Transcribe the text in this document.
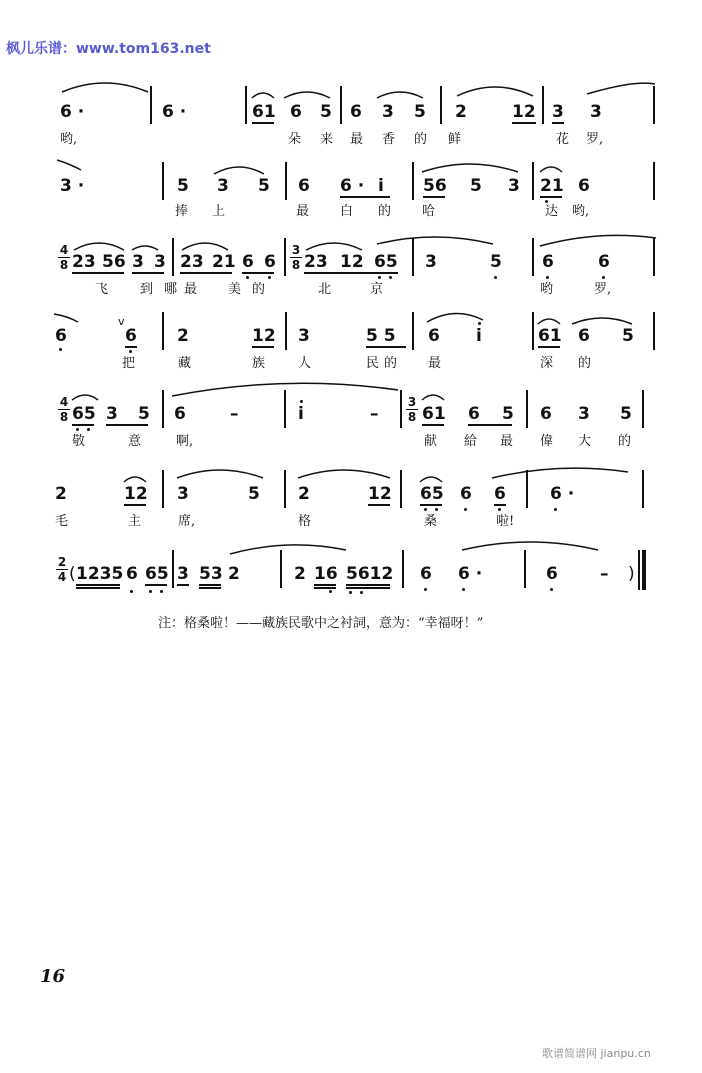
枫儿乐谱：www.tom163.net
6 ·	6 ·	61 6 5 6 3 5 2	12 3 3
哟,	朵 来 最 香 的 鲜	花 罗,
3 ·	5 3 5 6 6 · i 56 5 3 21 6
捧 上	最 白 的 哈	达 哟,
4
8 23 56 3 3 23 21 6 6
3
8 23 12 65 3	5 6	6
飞 到 哪 最 美 的	北	京	哟	罗,
6
v
6 2	12 3	5 5 6 i	61 6 5
把	藏	族	人	民 的 最	深 的
4
8 65 3 5 6	–	i	–
3
8 61 6 5 6 3 5
敬	意	啊,	献 給 最 偉 大 的
2	12 3	5 2	12 65 6 6	6 ·
毛	主	席,	格	桑	啦!
2
4 ( 1235 6 65 3 53 2	2 16 5612 6 6 ·	6 – )
注：格桑啦！——藏族民歌中之衬詞，意为：“幸福呀！”
16
歌谱简谱网 jianpu.cn
